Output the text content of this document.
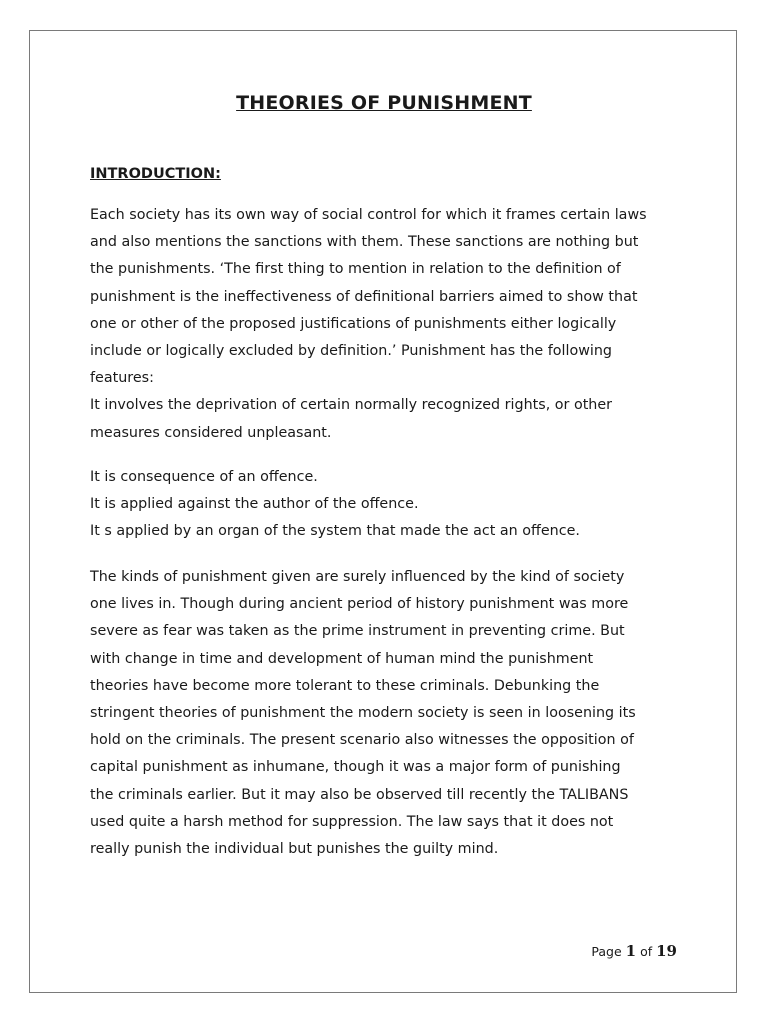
THEORIES OF PUNISHMENT
INTRODUCTION:

Each society has its own way of social control for which it frames certain laws
and also mentions the sanctions with them. These sanctions are nothing but
the punishments. ‘The first thing to mention in relation to the definition of
punishment is the ineffectiveness of definitional barriers aimed to show that
one or other of the proposed justifications of punishments either logically
include or logically excluded by definition.’ Punishment has the following
features:
It involves the deprivation of certain normally recognized rights, or other
measures considered unpleasant.

It is consequence of an offence.
It is applied against the author of the offence.
It s applied by an organ of the system that made the act an offence.

The kinds of punishment given are surely influenced by the kind of society
one lives in. Though during ancient period of history punishment was more
severe as fear was taken as the prime instrument in preventing crime. But
with change in time and development of human mind the punishment
theories have become more tolerant to these criminals. Debunking the
stringent theories of punishment the modern society is seen in loosening its
hold on the criminals. The present scenario also witnesses the opposition of
capital punishment as inhumane, though it was a major form of punishing
the criminals earlier. But it may also be observed till recently the TALIBANS
used quite a harsh method for suppression. The law says that it does not
really punish the individual but punishes the guilty mind.

Page 1 of 19
